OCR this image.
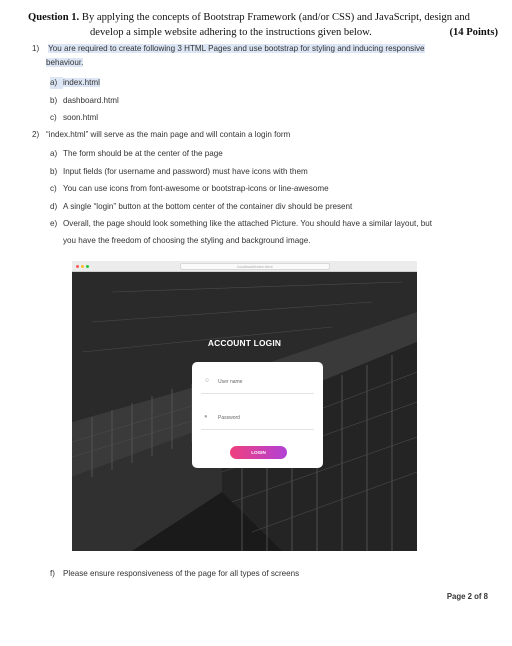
Question 1. By applying the concepts of Bootstrap Framework (and/or CSS) and JavaScript, design and
develop a simple website adhering to the instructions given below.	(14 Points)
1) You are required to create following 3 HTML Pages and use bootstrap for styling and inducing responsive
behaviour.
a) index.html
b) dashboard.html
c) soon.html
2) “index.html” will serve as the main page and will contain a login form
a) The form should be at the center of the page
b) Input fields (for username and password) must have icons with them
c) You can use icons from font-awesome or bootstrap-icons or line-awesome
d) A single “login” button at the bottom center of the container div should be present
e) Overall, the page should look something like the attached Picture. You should have a similar layout, but
you have the freedom of choosing the styling and background image.
localhost/index.html
ACCOUNT LOGIN
☺ User name
● Password
LOGIN
f) Please ensure responsiveness of the page for all types of screens
Page 2 of 8
